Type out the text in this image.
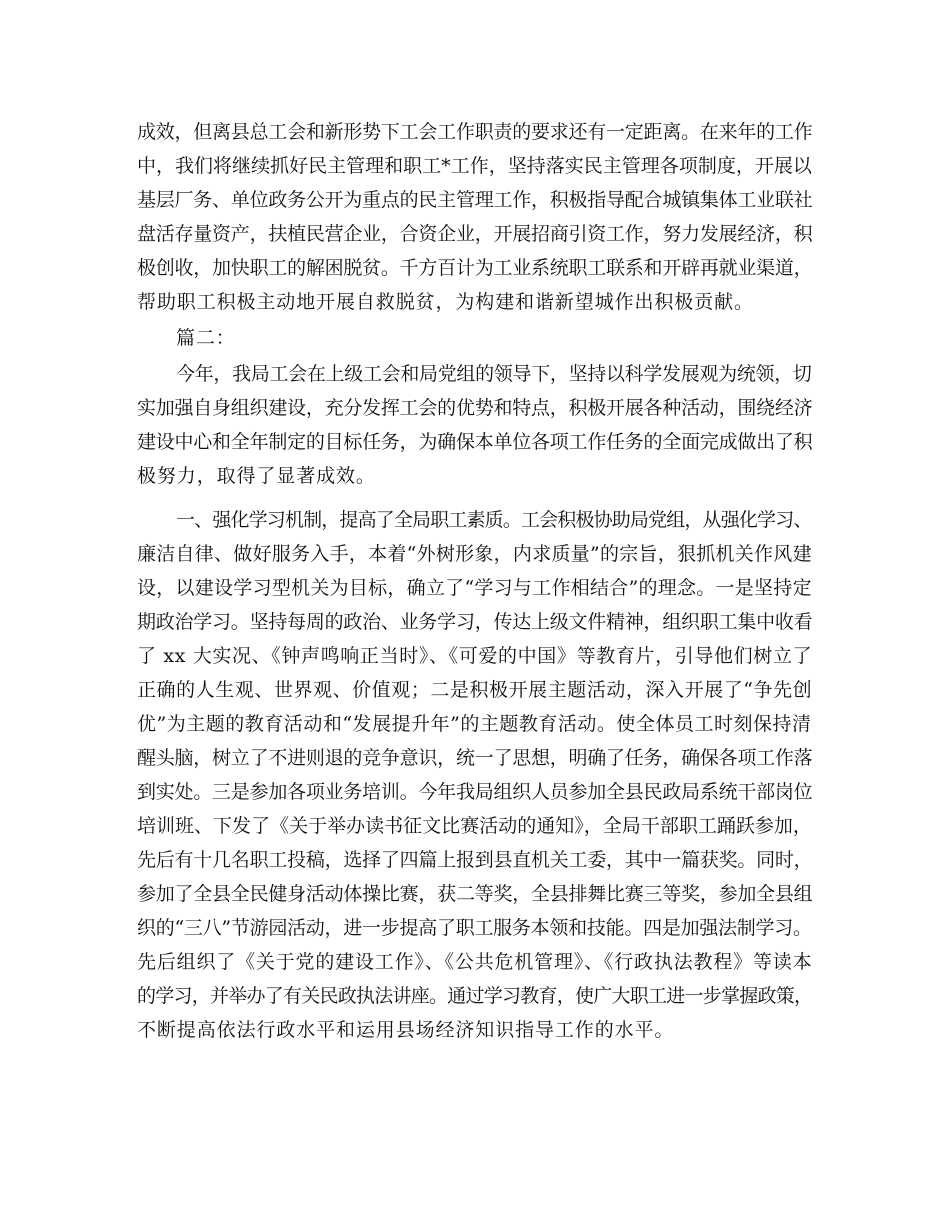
成效，但离县总工会和新形势下工会工作职责的要求还有一定距离。在来年的工作
中，我们将继续抓好民主管理和职工*工作，坚持落实民主管理各项制度，开展以
基层厂务、单位政务公开为重点的民主管理工作，积极指导配合城镇集体工业联社
盘活存量资产，扶植民营企业，合资企业，开展招商引资工作，努力发展经济，积
极创收，加快职工的解困脱贫。千方百计为工业系统职工联系和开辟再就业渠道，
帮助职工积极主动地开展自救脱贫，为构建和谐新望城作出积极贡献。
篇二：
今年，我局工会在上级工会和局党组的领导下，坚持以科学发展观为统领，切
实加强自身组织建设，充分发挥工会的优势和特点，积极开展各种活动，围绕经济
建设中心和全年制定的目标任务，为确保本单位各项工作任务的全面完成做出了积
极努力，取得了显著成效。
一、强化学习机制，提高了全局职工素质。工会积极协助局党组，从强化学习、
廉洁自律、做好服务入手，本着“外树形象，内求质量”的宗旨，狠抓机关作风建
设，以建设学习型机关为目标，确立了“学习与工作相结合”的理念。一是坚持定
期政治学习。坚持每周的政治、业务学习，传达上级文件精神，组织职工集中收看
了 xx 大实况、《钟声鸣响正当时》、《可爱的中国》等教育片，引导他们树立了
正确的人生观、世界观、价值观；二是积极开展主题活动，深入开展了“争先创
优”为主题的教育活动和“发展提升年”的主题教育活动。使全体员工时刻保持清
醒头脑，树立了不进则退的竞争意识，统一了思想，明确了任务，确保各项工作落
到实处。三是参加各项业务培训。今年我局组织人员参加全县民政局系统干部岗位
培训班、下发了《关于举办读书征文比赛活动的通知》，全局干部职工踊跃参加，
先后有十几名职工投稿，选择了四篇上报到县直机关工委，其中一篇获奖。同时，
参加了全县全民健身活动体操比赛，获二等奖，全县排舞比赛三等奖，参加全县组
织的“三八”节游园活动，进一步提高了职工服务本领和技能。四是加强法制学习。
先后组织了《关于党的建设工作》、《公共危机管理》、《行政执法教程》等读本
的学习，并举办了有关民政执法讲座。通过学习教育，使广大职工进一步掌握政策，
不断提高依法行政水平和运用县场经济知识指导工作的水平。
